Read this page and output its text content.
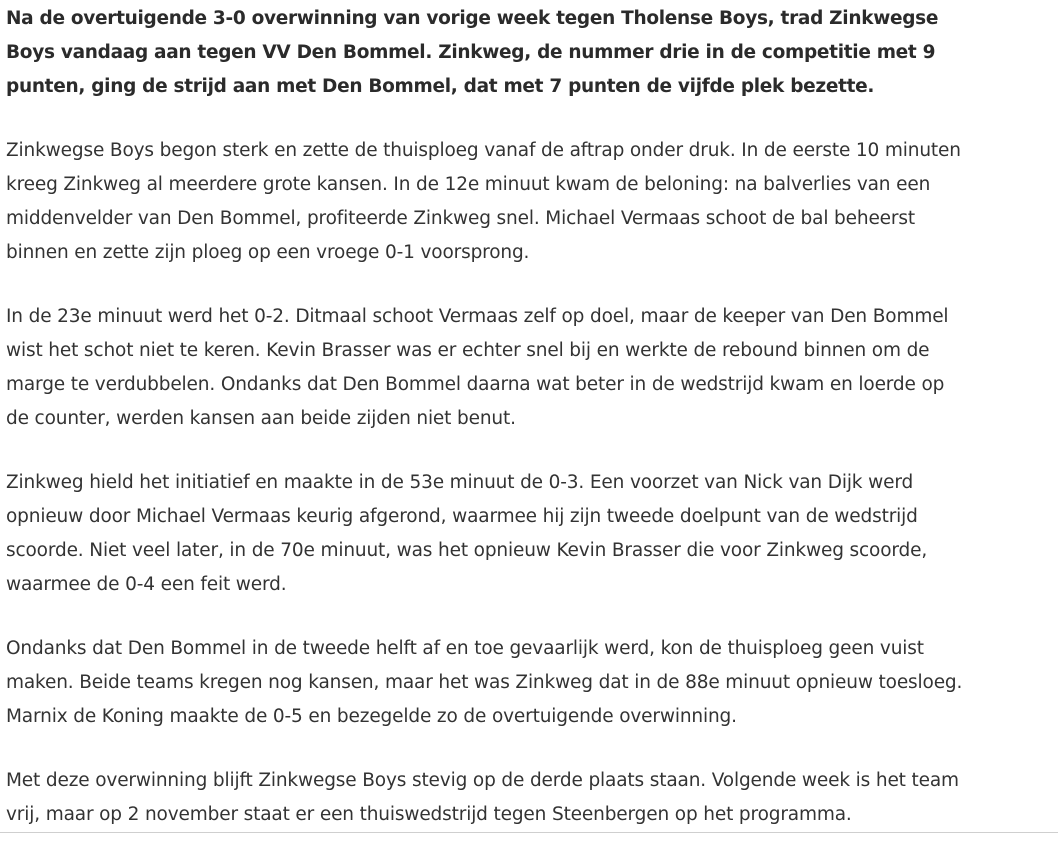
Na de overtuigende 3-0 overwinning van vorige week tegen Tholense Boys, trad Zinkwegse Boys vandaag aan tegen VV Den Bommel. Zinkweg, de nummer drie in de competitie met 9 punten, ging de strijd aan met Den Bommel, dat met 7 punten de vijfde plek bezette.

Zinkwegse Boys begon sterk en zette de thuisploeg vanaf de aftrap onder druk. In de eerste 10 minuten kreeg Zinkweg al meerdere grote kansen. In de 12e minuut kwam de beloning: na balverlies van een middenvelder van Den Bommel, profiteerde Zinkweg snel. Michael Vermaas schoot de bal beheerst binnen en zette zijn ploeg op een vroege 0-1 voorsprong.

In de 23e minuut werd het 0-2. Ditmaal schoot Vermaas zelf op doel, maar de keeper van Den Bommel wist het schot niet te keren. Kevin Brasser was er echter snel bij en werkte de rebound binnen om de marge te verdubbelen. Ondanks dat Den Bommel daarna wat beter in de wedstrijd kwam en loerde op de counter, werden kansen aan beide zijden niet benut.

Zinkweg hield het initiatief en maakte in de 53e minuut de 0-3. Een voorzet van Nick van Dijk werd opnieuw door Michael Vermaas keurig afgerond, waarmee hij zijn tweede doelpunt van de wedstrijd scoorde. Niet veel later, in de 70e minuut, was het opnieuw Kevin Brasser die voor Zinkweg scoorde, waarmee de 0-4 een feit werd.

Ondanks dat Den Bommel in de tweede helft af en toe gevaarlijk werd, kon de thuisploeg geen vuist maken. Beide teams kregen nog kansen, maar het was Zinkweg dat in de 88e minuut opnieuw toesloeg. Marnix de Koning maakte de 0-5 en bezegelde zo de overtuigende overwinning.

Met deze overwinning blijft Zinkwegse Boys stevig op de derde plaats staan. Volgende week is het team vrij, maar op 2 november staat er een thuiswedstrijd tegen Steenbergen op het programma.
